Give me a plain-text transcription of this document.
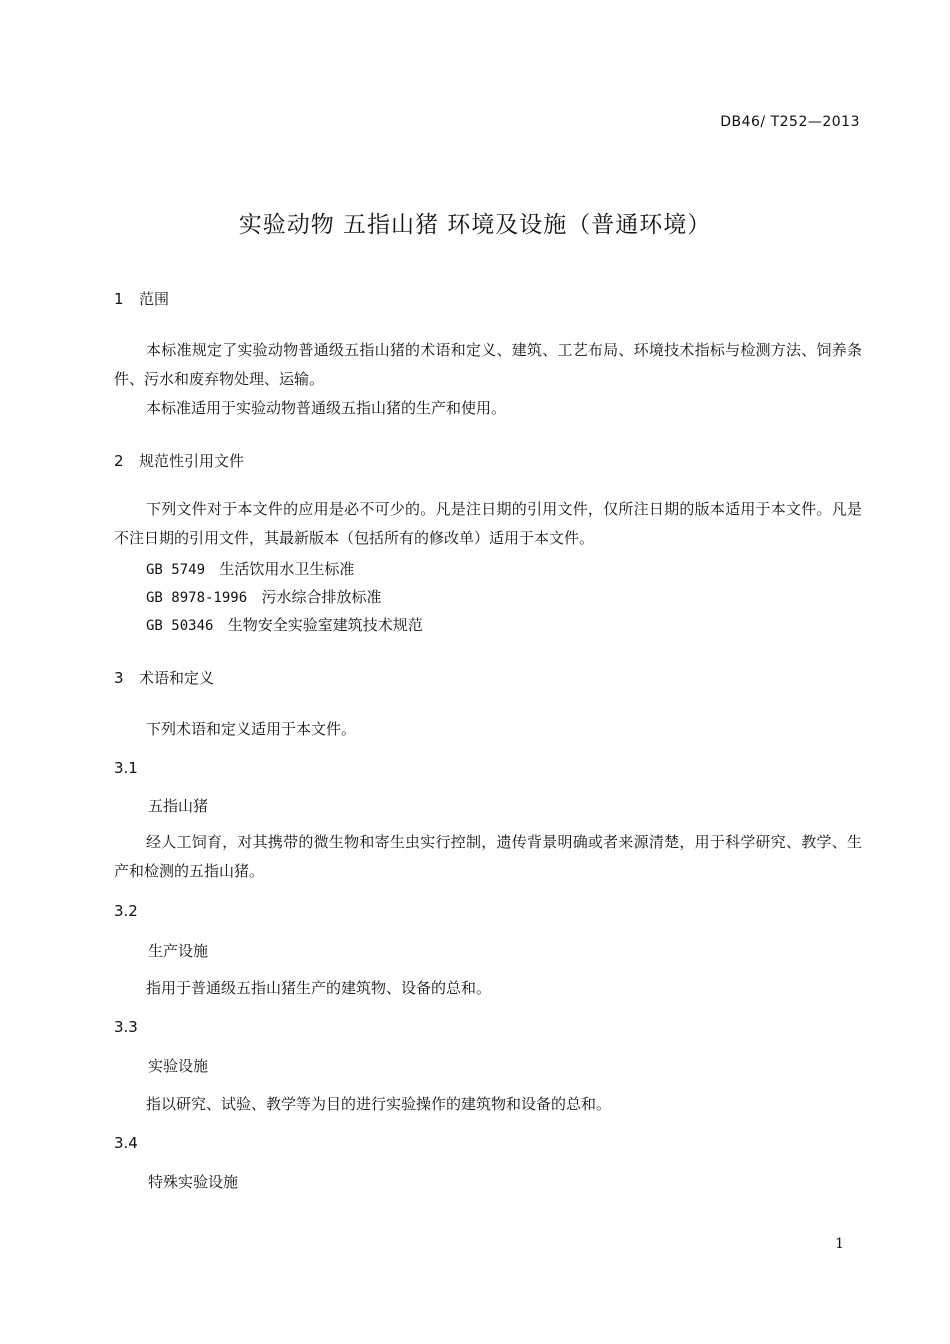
DB46/ T252—2013
实验动物 五指山猪 环境及设施（普通环境）
1 范围
本标准规定了实验动物普通级五指山猪的术语和定义、建筑、工艺布局、环境技术指标与检测方法、饲养条件、污水和废弃物处理、运输。
本标准适用于实验动物普通级五指山猪的生产和使用。
2 规范性引用文件
下列文件对于本文件的应用是必不可少的。凡是注日期的引用文件，仅所注日期的版本适用于本文件。凡是不注日期的引用文件，其最新版本（包括所有的修改单）适用于本文件。
GB 5749 生活饮用水卫生标准
GB 8978-1996 污水综合排放标准
GB 50346 生物安全实验室建筑技术规范
3 术语和定义
下列术语和定义适用于本文件。
3.1
五指山猪
经人工饲育，对其携带的微生物和寄生虫实行控制，遗传背景明确或者来源清楚，用于科学研究、教学、生产和检测的五指山猪。
3.2
生产设施
指用于普通级五指山猪生产的建筑物、设备的总和。
3.3
实验设施
指以研究、试验、教学等为目的进行实验操作的建筑物和设备的总和。
3.4
特殊实验设施
1
